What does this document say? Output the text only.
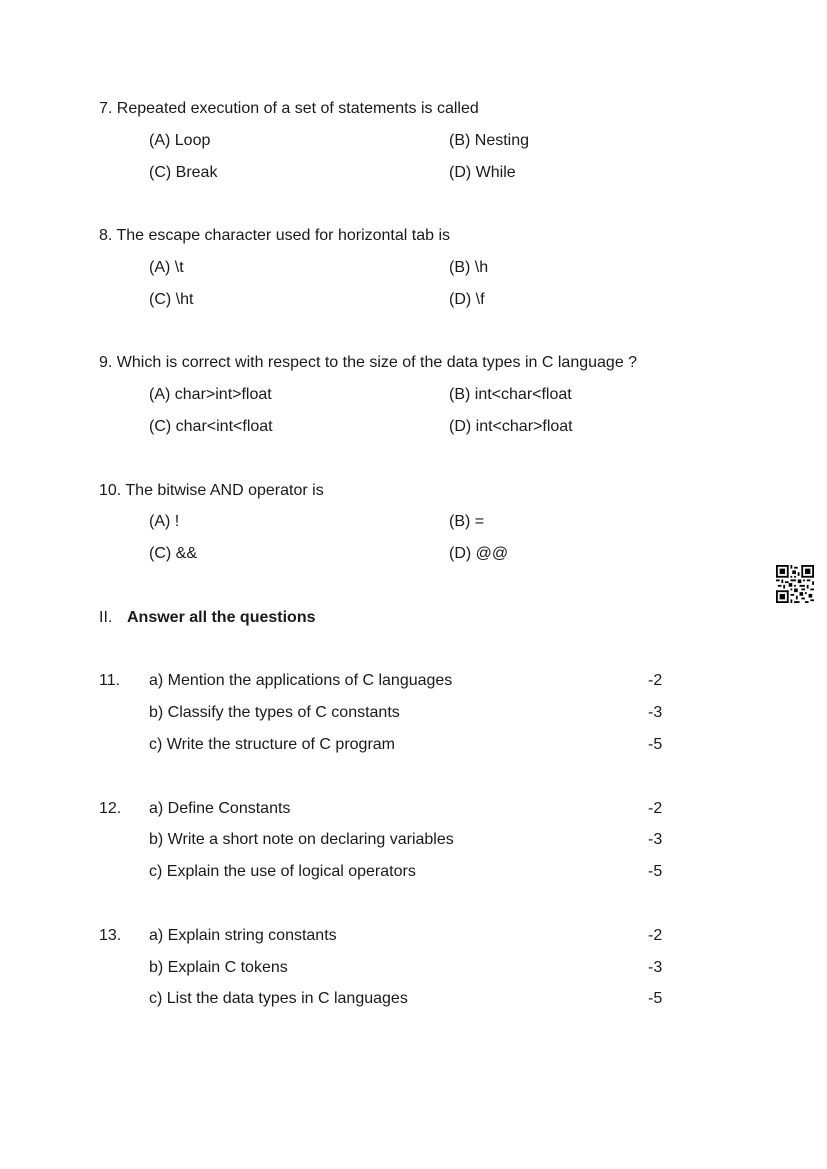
7. Repeated execution of a set of statements is called
(A) Loop	(B) Nesting
(C) Break	(D) While
8. The escape character used for horizontal tab is
(A) \t	(B) \h
(C) \ht	(D) \f
9. Which is correct with respect to the size of the data types in C language ?
(A) char>int>float	(B) int<char<float
(C) char<int<float	(D) int<char>float
10. The bitwise AND operator is
(A) !	(B) =
(C) &&	(D) @@
II. Answer all the questions
11. a) Mention the applications of C languages	-2
b) Classify the types of C constants	-3
c) Write the structure of C program	-5
12. a) Define Constants	-2
b) Write a short note on declaring variables	-3
c) Explain the use of logical operators	-5
13. a) Explain string constants	-2
b) Explain C tokens	-3
c) List the data types in C languages	-5
